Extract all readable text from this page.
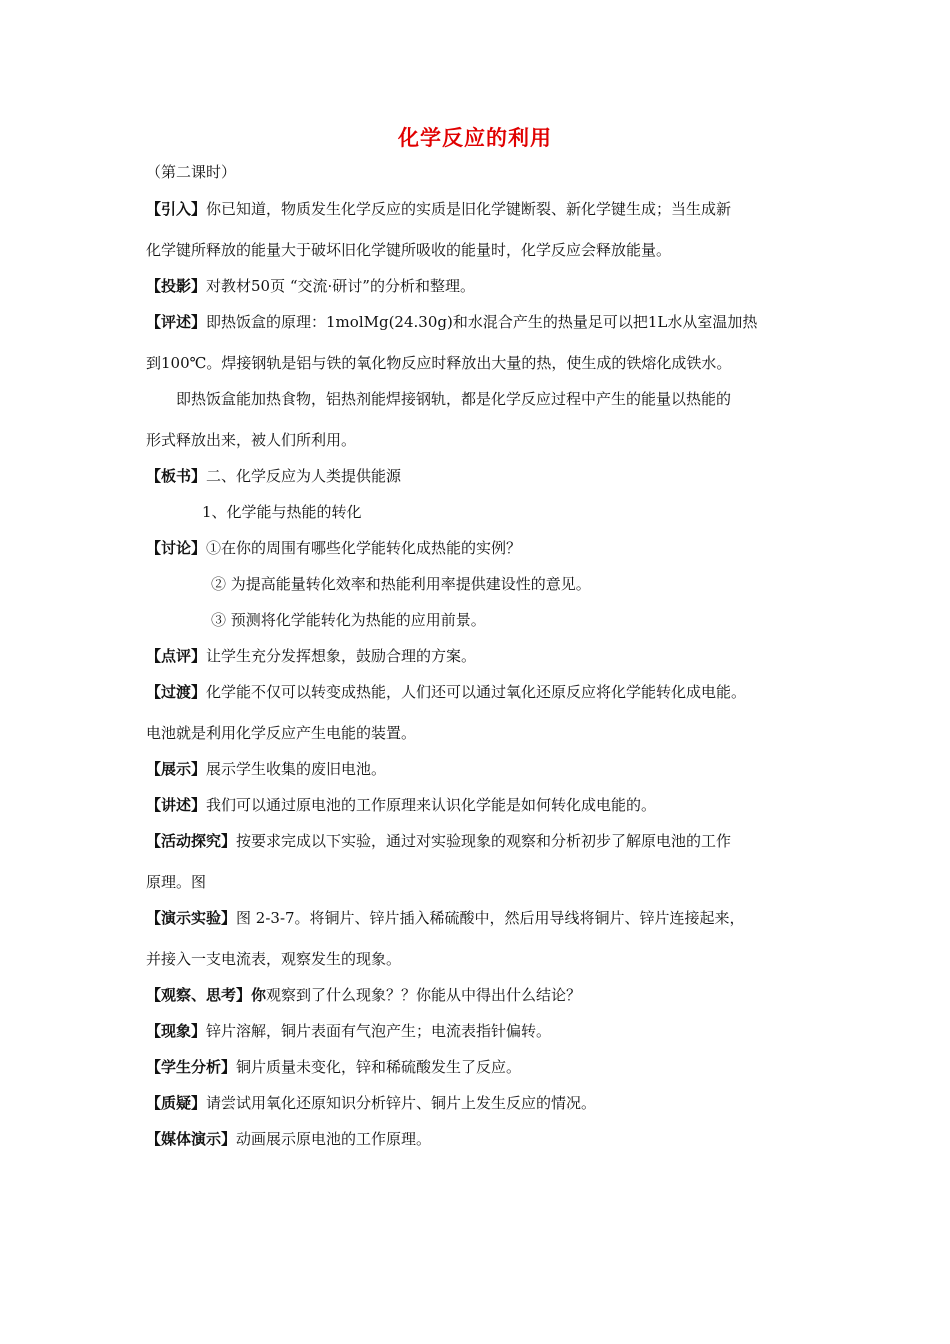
化学反应的利用
（第二课时）
【引入】你已知道，物质发生化学反应的实质是旧化学键断裂、新化学键生成；当生成新
化学键所释放的能量大于破坏旧化学键所吸收的能量时，化学反应会释放能量。
【投影】对教材50页 “交流·研讨”的分析和整理。
【评述】即热饭盒的原理：1molMg(24.30g)和水混合产生的热量足可以把1L水从室温加热
到100℃。焊接钢轨是铝与铁的氧化物反应时释放出大量的热，使生成的铁熔化成铁水。
即热饭盒能加热食物，铝热剂能焊接钢轨，都是化学反应过程中产生的能量以热能的
形式释放出来，被人们所利用。
【板书】二、化学反应为人类提供能源
1、化学能与热能的转化
【讨论】①在你的周围有哪些化学能转化成热能的实例？
② 为提高能量转化效率和热能利用率提供建设性的意见。
③ 预测将化学能转化为热能的应用前景。
【点评】让学生充分发挥想象，鼓励合理的方案。
【过渡】化学能不仅可以转变成热能，人们还可以通过氧化还原反应将化学能转化成电能。
电池就是利用化学反应产生电能的装置。
【展示】展示学生收集的废旧电池。
【讲述】我们可以通过原电池的工作原理来认识化学能是如何转化成电能的。
【活动探究】按要求完成以下实验，通过对实验现象的观察和分析初步了解原电池的工作
原理。图
【演示实验】图 2-3-7。将铜片、锌片插入稀硫酸中，然后用导线将铜片、锌片连接起来，
并接入一支电流表，观察发生的现象。
【观察、思考】你观察到了什么现象？？你能从中得出什么结论？
【现象】锌片溶解，铜片表面有气泡产生；电流表指针偏转。
【学生分析】铜片质量未变化，锌和稀硫酸发生了反应。
【质疑】请尝试用氧化还原知识分析锌片、铜片上发生反应的情况。
【媒体演示】动画展示原电池的工作原理。
